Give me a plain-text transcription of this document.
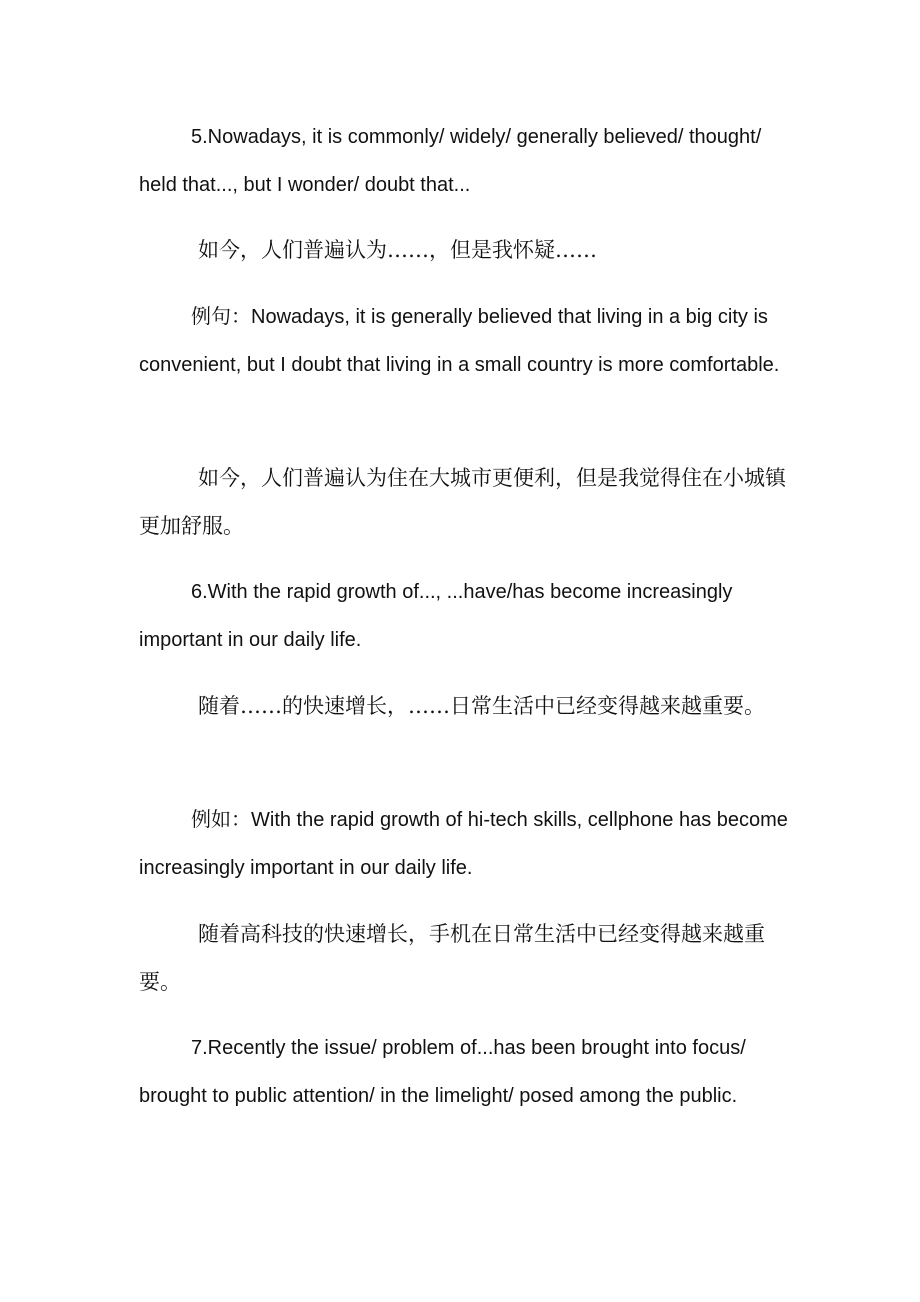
5.Nowadays, it is commonly/ widely/ generally believed/ thought/ held that..., but I wonder/ doubt that...

如今，人们普遍认为……，但是我怀疑……

例句：Nowadays, it is generally believed that living in a big city is convenient, but I doubt that living in a small country is more comfortable.

如今，人们普遍认为住在大城市更便利，但是我觉得住在小城镇更加舒服。

6.With the rapid growth of..., ...have/has become increasingly important in our daily life.

随着……的快速增长，……日常生活中已经变得越来越重要。

例如：With the rapid growth of hi-tech skills, cellphone has become increasingly important in our daily life.

随着高科技的快速增长，手机在日常生活中已经变得越来越重要。

7.Recently the issue/ problem of...has been brought into focus/ brought to public attention/ in the limelight/ posed among the public.
